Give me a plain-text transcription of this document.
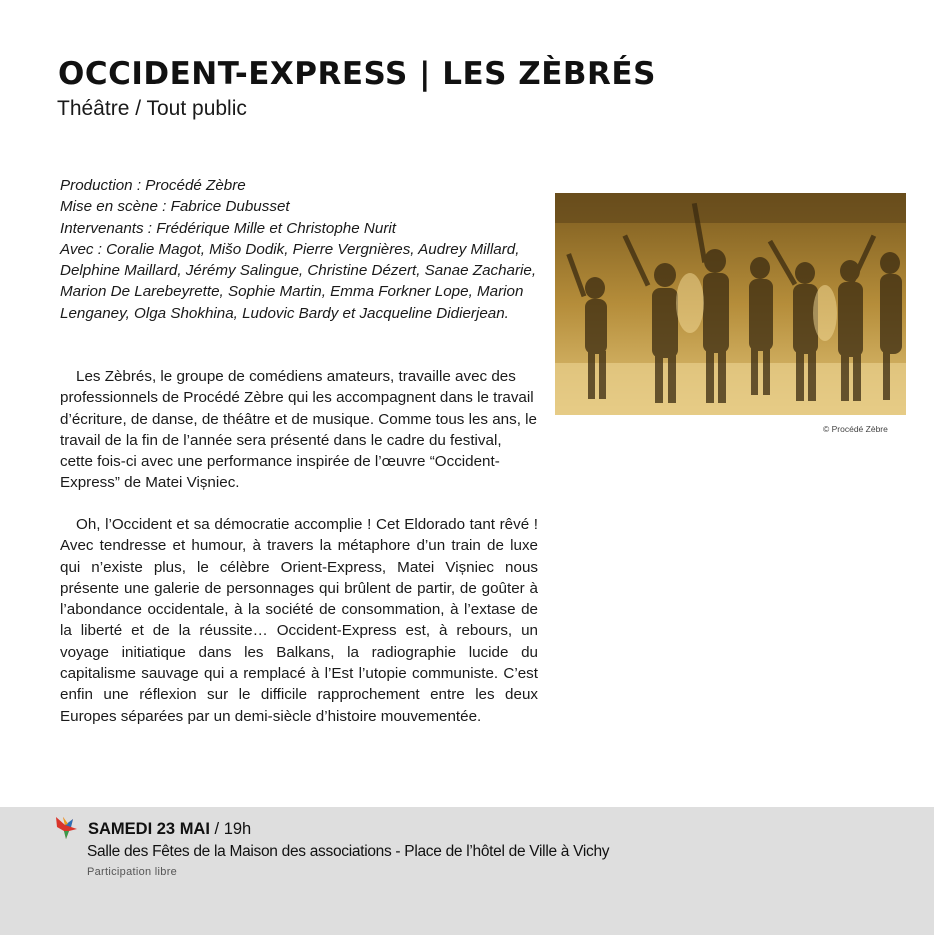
OCCIDENT-EXPRESS | LES ZÈBRÉS
Théâtre / Tout public
Production : Procédé Zèbre
Mise en scène : Fabrice Dubusset
Intervenants : Frédérique Mille et Christophe Nurit
Avec : Coralie Magot, Mišo Dodik, Pierre Vergnières, Audrey Millard, Delphine Maillard, Jérémy Salingue, Christine Dézert, Sanae Zacharie, Marion De Larebeyrette, Sophie Martin, Emma Forkner Lope, Marion Lenganey, Olga Shokhina, Ludovic Bardy et Jacqueline Didierjean.
Les Zèbrés, le groupe de comédiens amateurs, travaille avec des professionnels de Procédé Zèbre qui les accompagnent dans le travail d’écriture, de danse, de théâtre et de musique. Comme tous les ans, le travail de la fin de l’année sera présenté dans le cadre du festival, cette fois-ci avec une performance inspirée de l’œuvre “Occident-Express” de Matei Vișniec.
Oh, l’Occident et sa démocratie accomplie ! Cet Eldorado tant rêvé ! Avec tendresse et humour, à travers la métaphore d’un train de luxe qui n’existe plus, le célèbre Orient-Express, Matei Vișniec nous présente une galerie de personnages qui brûlent de partir, de goûter à l’abondance occidentale, à la société de consommation, à l’extase de la liberté et de la réussite… Occident-Express est, à rebours, un voyage initiatique dans les Balkans, la radiographie lucide du capitalisme sauvage qui a remplacé à l’Est l’utopie communiste. C’est enfin une réflexion sur le difficile rapprochement entre les deux Europes séparées par un demi-siècle d’histoire mouvementée.
© Procédé Zèbre
SAMEDI 23 MAI / 19h
Salle des Fêtes de la Maison des associations - Place de l’hôtel de Ville à Vichy
Participation libre
